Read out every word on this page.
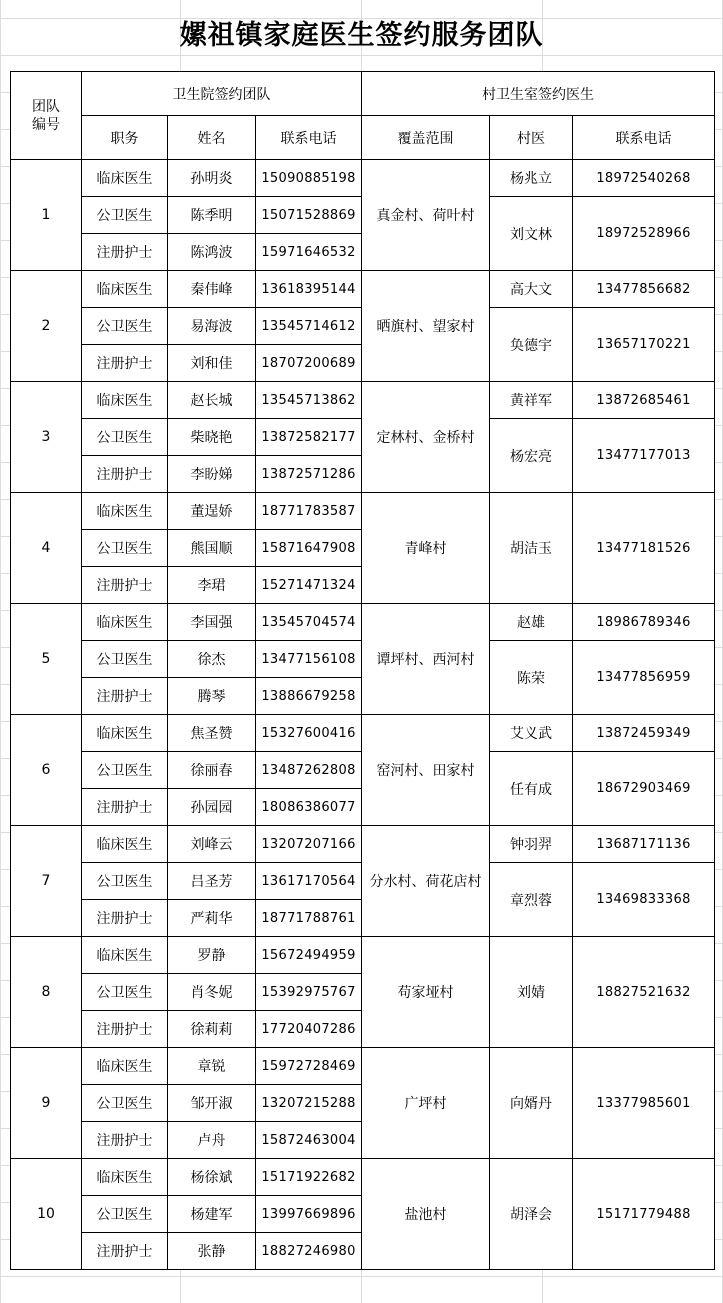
嫘祖镇家庭医生签约服务团队
团队
编号	卫生院签约团队			村卫生室签约医生		
	职务	姓名	联系电话	覆盖范围	村医	联系电话
1	临床医生	孙明炎	15090885198	真金村、荷叶村	杨兆立	18972540268
	公卫医生	陈季明	15071528869		刘文林	18972528966
	注册护士	陈鸿波	15971646532			
2	临床医生	秦伟峰	13618395144	晒旗村、望家村	高大文	13477856682
	公卫医生	易海波	13545714612		奂德宇	13657170221
	注册护士	刘和佳	18707200689			
3	临床医生	赵长城	13545713862	定林村、金桥村	黄祥军	13872685461
	公卫医生	柴晓艳	13872582177		杨宏亮	13477177013
	注册护士	李盼娣	13872571286			
4	临床医生	董逞娇	18771783587	青峰村	胡洁玉	13477181526
	公卫医生	熊国顺	15871647908			
	注册护士	李珺	15271471324			
5	临床医生	李国强	13545704574	谭坪村、西河村	赵雄	18986789346
	公卫医生	徐杰	13477156108		陈荣	13477856959
	注册护士	腾琴	13886679258			
6	临床医生	焦圣赞	15327600416	窑河村、田家村	艾义武	13872459349
	公卫医生	徐丽春	13487262808		任有成	18672903469
	注册护士	孙园园	18086386077			
7	临床医生	刘峰云	13207207166	分水村、荷花店村	钟羽羿	13687171136
	公卫医生	吕圣芳	13617170564		章烈蓉	13469833368
	注册护士	严莉华	18771788761			
8	临床医生	罗静	15672494959	苟家垭村	刘婧	18827521632
	公卫医生	肖冬妮	15392975767			
	注册护士	徐莉莉	17720407286			
9	临床医生	章锐	15972728469	广坪村	向婿丹	13377985601
	公卫医生	邹开淑	13207215288			
	注册护士	卢舟	15872463004			
10	临床医生	杨徐斌	15171922682	盐池村	胡泽会	15171779488
	公卫医生	杨建军	13997669896			
	注册护士	张静	18827246980			
